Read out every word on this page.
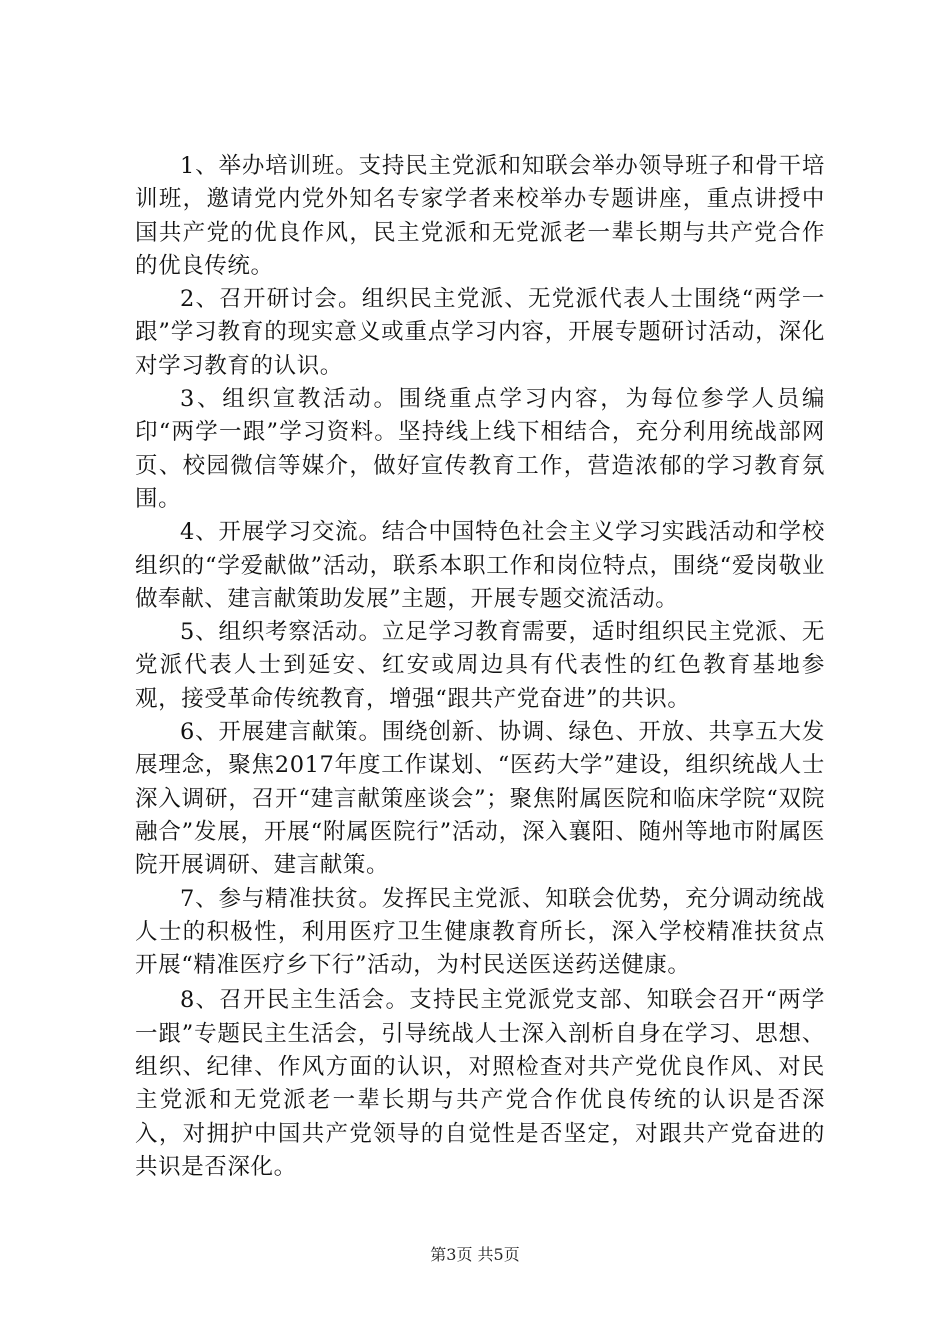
1、举办培训班。支持民主党派和知联会举办领导班子和骨干培训班，邀请党内党外知名专家学者来校举办专题讲座，重点讲授中国共产党的优良作风，民主党派和无党派老一辈长期与共产党合作的优良传统。

2、召开研讨会。组织民主党派、无党派代表人士围绕“两学一跟”学习教育的现实意义或重点学习内容，开展专题研讨活动，深化对学习教育的认识。

3、组织宣教活动。围绕重点学习内容，为每位参学人员编印“两学一跟”学习资料。坚持线上线下相结合，充分利用统战部网页、校园微信等媒介，做好宣传教育工作，营造浓郁的学习教育氛围。

4、开展学习交流。结合中国特色社会主义学习实践活动和学校组织的“学爱献做”活动，联系本职工作和岗位特点，围绕“爱岗敬业做奉献、建言献策助发展”主题，开展专题交流活动。

5、组织考察活动。立足学习教育需要，适时组织民主党派、无党派代表人士到延安、红安或周边具有代表性的红色教育基地参观，接受革命传统教育，增强“跟共产党奋进”的共识。

6、开展建言献策。围绕创新、协调、绿色、开放、共享五大发展理念，聚焦2017年度工作谋划、“医药大学”建设，组织统战人士深入调研，召开“建言献策座谈会”；聚焦附属医院和临床学院“双院融合”发展，开展“附属医院行”活动，深入襄阳、随州等地市附属医院开展调研、建言献策。

7、参与精准扶贫。发挥民主党派、知联会优势，充分调动统战人士的积极性，利用医疗卫生健康教育所长，深入学校精准扶贫点开展“精准医疗乡下行”活动，为村民送医送药送健康。

8、召开民主生活会。支持民主党派党支部、知联会召开“两学一跟”专题民主生活会，引导统战人士深入剖析自身在学习、思想、组织、纪律、作风方面的认识，对照检查对共产党优良作风、对民主党派和无党派老一辈长期与共产党合作优良传统的认识是否深入，对拥护中国共产党领导的自觉性是否坚定，对跟共产党奋进的共识是否深化。

第3页 共5页
